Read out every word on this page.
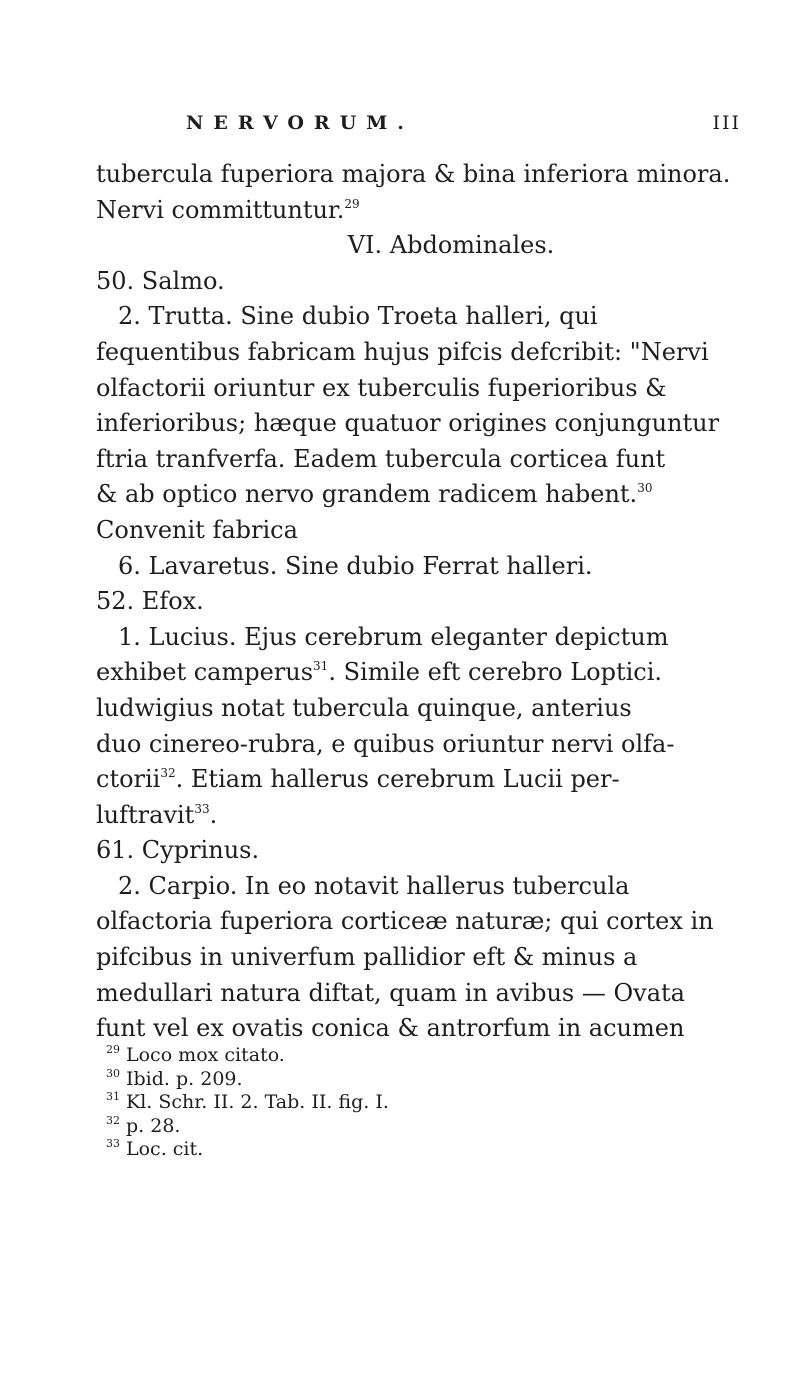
NERVORUM.	III
tubercula fuperiora majora & bina inferiora minora.
Nervi committuntur.$^{29}$
VI. Abdominales.
50. Salmo.
2. Trutta. Sine dubio Troeta halleri, qui
fequentibus fabricam hujus pifcis defcribit: "Nervi
olfactorii oriuntur ex tuberculis fuperioribus &
inferioribus; hæque quatuor origines conjunguntur
ftria tranfverfa. Eadem tubercula corticea funt
& ab optico nervo grandem radicem habent.$^{30}$
Convenit fabrica
6. Lavaretus. Sine dubio Ferrat halleri.
52. Efox.
1. Lucius. Ejus cerebrum eleganter depictum
exhibet camperus$^{31}$. Simile eft cerebro Loptici.
ludwigius notat tubercula quinque, anterius
duo cinereo-rubra, e quibus oriuntur nervi olfa-
ctorii$^{32}$. Etiam hallerus cerebrum Lucii per-
luftravit$^{33}$.
61. Cyprinus.
2. Carpio. In eo notavit hallerus tubercula
olfactoria fuperiora corticeæ naturæ; qui cortex in
pifcibus in univerfum pallidior eft & minus a
medullari natura diftat, quam in avibus — Ovata
funt vel ex ovatis conica & antrorfum in acumen
$^{29}$ Loco mox citato.
$^{30}$ Ibid. p. 209.
$^{31}$ Kl. Schr. II. 2. Tab. II. fig. I.
$^{32}$ p. 28.
$^{33}$ Loc. cit.
